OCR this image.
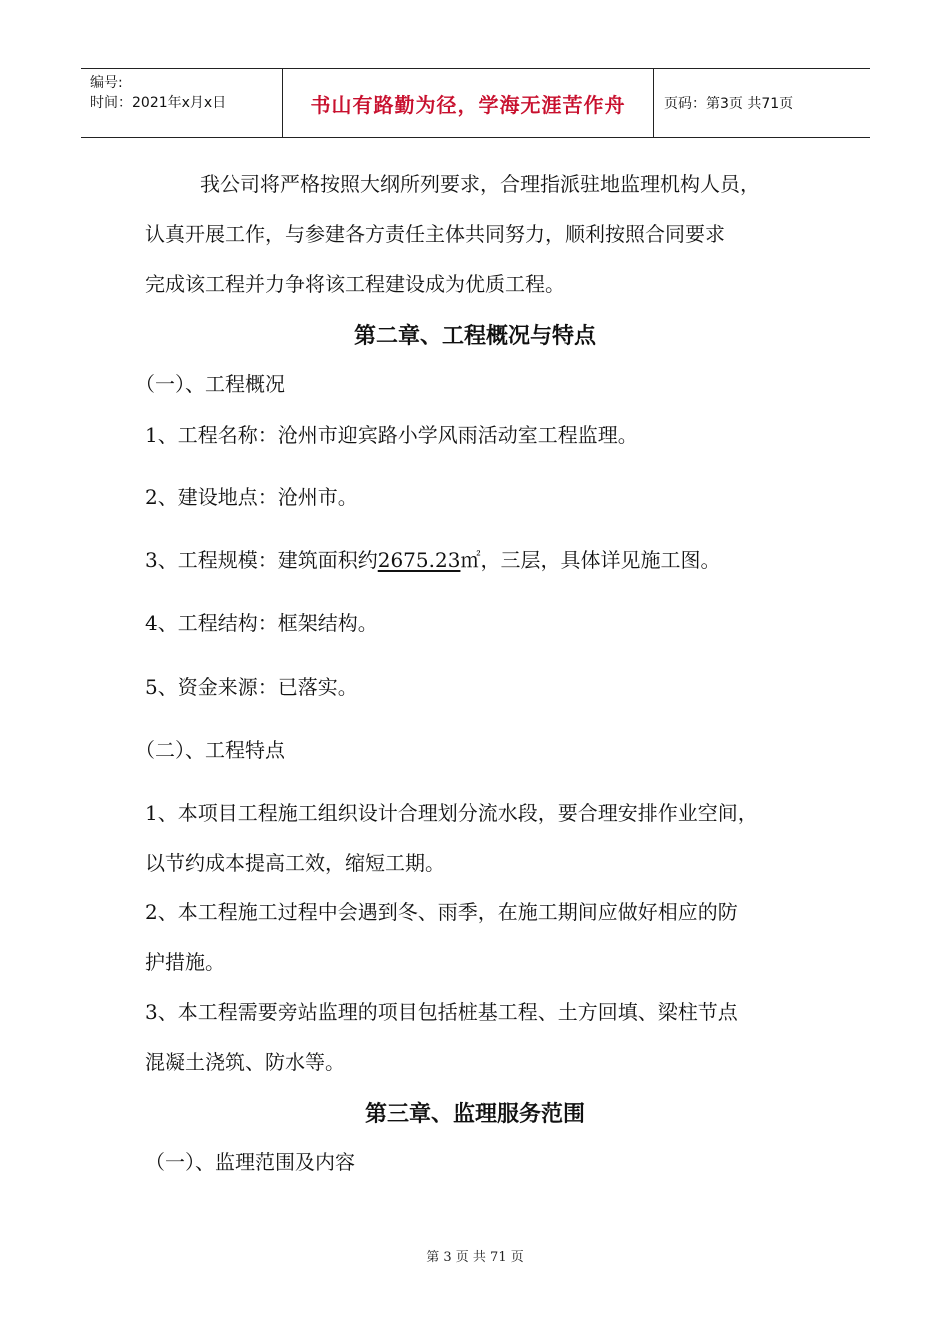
编号:
时间：2021年x月x日	书山有路勤为径，学海无涯苦作舟	页码：第3页 共71页
我公司将严格按照大纲所列要求，合理指派驻地监理机构人员，
认真开展工作，与参建各方责任主体共同努力，顺利按照合同要求
完成该工程并力争将该工程建设成为优质工程。
第二章、工程概况与特点
（一）、工程概况
1、工程名称：沧州市迎宾路小学风雨活动室工程监理。
2、建设地点：沧州市。
3、工程规模：建筑面积约2675.23㎡，三层，具体详见施工图。
4、工程结构：框架结构。
5、资金来源：已落实。
（二）、工程特点
1、本项目工程施工组织设计合理划分流水段，要合理安排作业空间，
以节约成本提高工效，缩短工期。
2、本工程施工过程中会遇到冬、雨季，在施工期间应做好相应的防
护措施。
3、本工程需要旁站监理的项目包括桩基工程、土方回填、梁柱节点
混凝土浇筑、防水等。
第三章、监理服务范围
（一）、监理范围及内容
第 3 页 共 71 页
